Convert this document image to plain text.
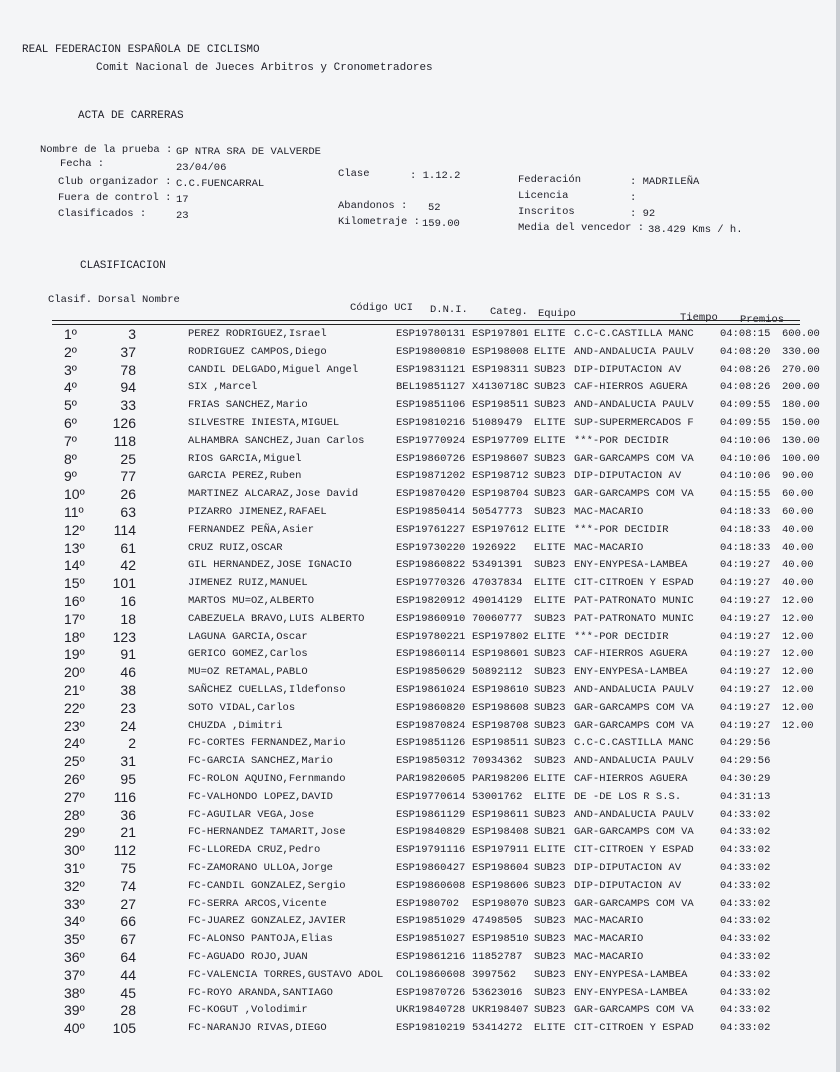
REAL FEDERACION ESPAÑOLA DE CICLISMO
Comit Nacional de Jueces Arbitros y Cronometradores
ACTA DE CARRERAS
Nombre de la prueba : GP NTRA SRA DE VALVERDE
Fecha :	23/04/06
Club organizador : C.C.FUENCARRAL
Fuera de control : 17
Clasificados :	23
Clase	: 1.12.2
Abandonos : 52
Kilometraje : 159.00
Federación	: MADRILEÑA
Licencia	:
Inscritos	: 92
Media del vencedor : 38.429 Kms / h.
CLASIFICACION
Clasif. Dorsal Nombre
Código UCI D.N.I. Categ. Equipo	Tiempo Premios
1º	3	PEREZ RODRIGUEZ,Israel	ESP19780131 ESP197801 ELITE C.C-C.CASTILLA MANC	04:08:15 600.00
2º	37	RODRIGUEZ CAMPOS,Diego	ESP19800810 ESP198008 ELITE AND-ANDALUCIA PAULV	04:08:20 330.00
3º	78	CANDIL DELGADO,Miguel Angel	ESP19831121 ESP198311 SUB23 DIP-DIPUTACION AV	04:08:26 270.00
4º	94	SIX ,Marcel	BEL19851127 X4130718C SUB23 CAF-HIERROS AGUERA	04:08:26 200.00
5º	33	FRIAS SANCHEZ,Mario	ESP19851106 ESP198511 SUB23 AND-ANDALUCIA PAULV	04:09:55 180.00
6º	126	SILVESTRE INIESTA,MIGUEL	ESP19810216 51089479 ELITE SUP-SUPERMERCADOS F	04:09:55 150.00
7º	118	ALHAMBRA SANCHEZ,Juan Carlos	ESP19770924 ESP197709 ELITE ***-POR DECIDIR	04:10:06 130.00
8º	25	RIOS GARCIA,Miguel	ESP19860726 ESP198607 SUB23 GAR-GARCAMPS COM VA	04:10:06 100.00
9º	77	GARCIA PEREZ,Ruben	ESP19871202 ESP198712 SUB23 DIP-DIPUTACION AV	04:10:06 90.00
10º	26	MARTINEZ ALCARAZ,Jose David	ESP19870420 ESP198704 SUB23 GAR-GARCAMPS COM VA	04:15:55 60.00
11º	63	PIZARRO JIMENEZ,RAFAEL	ESP19850414 50547773 SUB23 MAC-MACARIO	04:18:33 60.00
12º	114	FERNANDEZ PEÑA,Asier	ESP19761227 ESP197612 ELITE ***-POR DECIDIR	04:18:33 40.00
13º	61	CRUZ RUIZ,OSCAR	ESP19730220 1926922 ELITE MAC-MACARIO	04:18:33 40.00
14º	42	GIL HERNANDEZ,JOSE IGNACIO	ESP19860822 53491391 SUB23 ENY-ENYPESA-LAMBEA	04:19:27 40.00
15º	101	JIMENEZ RUIZ,MANUEL	ESP19770326 47037834 ELITE CIT-CITROEN Y ESPAD	04:19:27 40.00
16º	16	MARTOS MU=OZ,ALBERTO	ESP19820912 49014129 ELITE PAT-PATRONATO MUNIC	04:19:27 12.00
17º	18	CABEZUELA BRAVO,LUIS ALBERTO	ESP19860910 70060777 SUB23 PAT-PATRONATO MUNIC	04:19:27 12.00
18º	123	LAGUNA GARCIA,Oscar	ESP19780221 ESP197802 ELITE ***-POR DECIDIR	04:19:27 12.00
19º	91	GERICO GOMEZ,Carlos	ESP19860114 ESP198601 SUB23 CAF-HIERROS AGUERA	04:19:27 12.00
20º	46	MU=OZ RETAMAL,PABLO	ESP19850629 50892112 SUB23 ENY-ENYPESA-LAMBEA	04:19:27 12.00
21º	38	SAÑCHEZ CUELLAS,Ildefonso	ESP19861024 ESP198610 SUB23 AND-ANDALUCIA PAULV	04:19:27 12.00
22º	23	SOTO VIDAL,Carlos	ESP19860820 ESP198608 SUB23 GAR-GARCAMPS COM VA	04:19:27 12.00
23º	24	CHUZDA ,Dimitri	ESP19870824 ESP198708 SUB23 GAR-GARCAMPS COM VA	04:19:27 12.00
24º	2	FC-CORTES FERNANDEZ,Mario	ESP19851126 ESP198511 SUB23 C.C-C.CASTILLA MANC	04:29:56
25º	31	FC-GARCIA SANCHEZ,Mario	ESP19850312 70934362 SUB23 AND-ANDALUCIA PAULV	04:29:56
26º	95	FC-ROLON AQUINO,Fernmando	PAR19820605 PAR198206 ELITE CAF-HIERROS AGUERA	04:30:29
27º	116	FC-VALHONDO LOPEZ,DAVID	ESP19770614 53001762 ELITE DE -DE LOS R S.S.	04:31:13
28º	36	FC-AGUILAR VEGA,Jose	ESP19861129 ESP198611 SUB23 AND-ANDALUCIA PAULV	04:33:02
29º	21	FC-HERNANDEZ TAMARIT,Jose	ESP19840829 ESP198408 SUB21 GAR-GARCAMPS COM VA	04:33:02
30º	112	FC-LLOREDA CRUZ,Pedro	ESP19791116 ESP197911 ELITE CIT-CITROEN Y ESPAD	04:33:02
31º	75	FC-ZAMORANO ULLOA,Jorge	ESP19860427 ESP198604 SUB23 DIP-DIPUTACION AV	04:33:02
32º	74	FC-CANDIL GONZALEZ,Sergio	ESP19860608 ESP198606 SUB23 DIP-DIPUTACION AV	04:33:02
33º	27	FC-SERRA ARCOS,Vicente	ESP1980702 ESP198070 SUB23 GAR-GARCAMPS COM VA	04:33:02
34º	66	FC-JUAREZ GONZALEZ,JAVIER	ESP19851029 47498505 SUB23 MAC-MACARIO	04:33:02
35º	67	FC-ALONSO PANTOJA,Elias	ESP19851027 ESP198510 SUB23 MAC-MACARIO	04:33:02
36º	64	FC-AGUADO ROJO,JUAN	ESP19861216 11852787 SUB23 MAC-MACARIO	04:33:02
37º	44	FC-VALENCIA TORRES,GUSTAVO ADOL COL19860608 3997562 SUB23 ENY-ENYPESA-LAMBEA	04:33:02
38º	45	FC-ROYO ARANDA,SANTIAGO	ESP19870726 53623016 SUB23 ENY-ENYPESA-LAMBEA	04:33:02
39º	28	FC-KOGUT ,Volodimir	UKR19840728 UKR198407 SUB23 GAR-GARCAMPS COM VA	04:33:02
40º	105	FC-NARANJO RIVAS,DIEGO	ESP19810219 53414272 ELITE CIT-CITROEN Y ESPAD	04:33:02
